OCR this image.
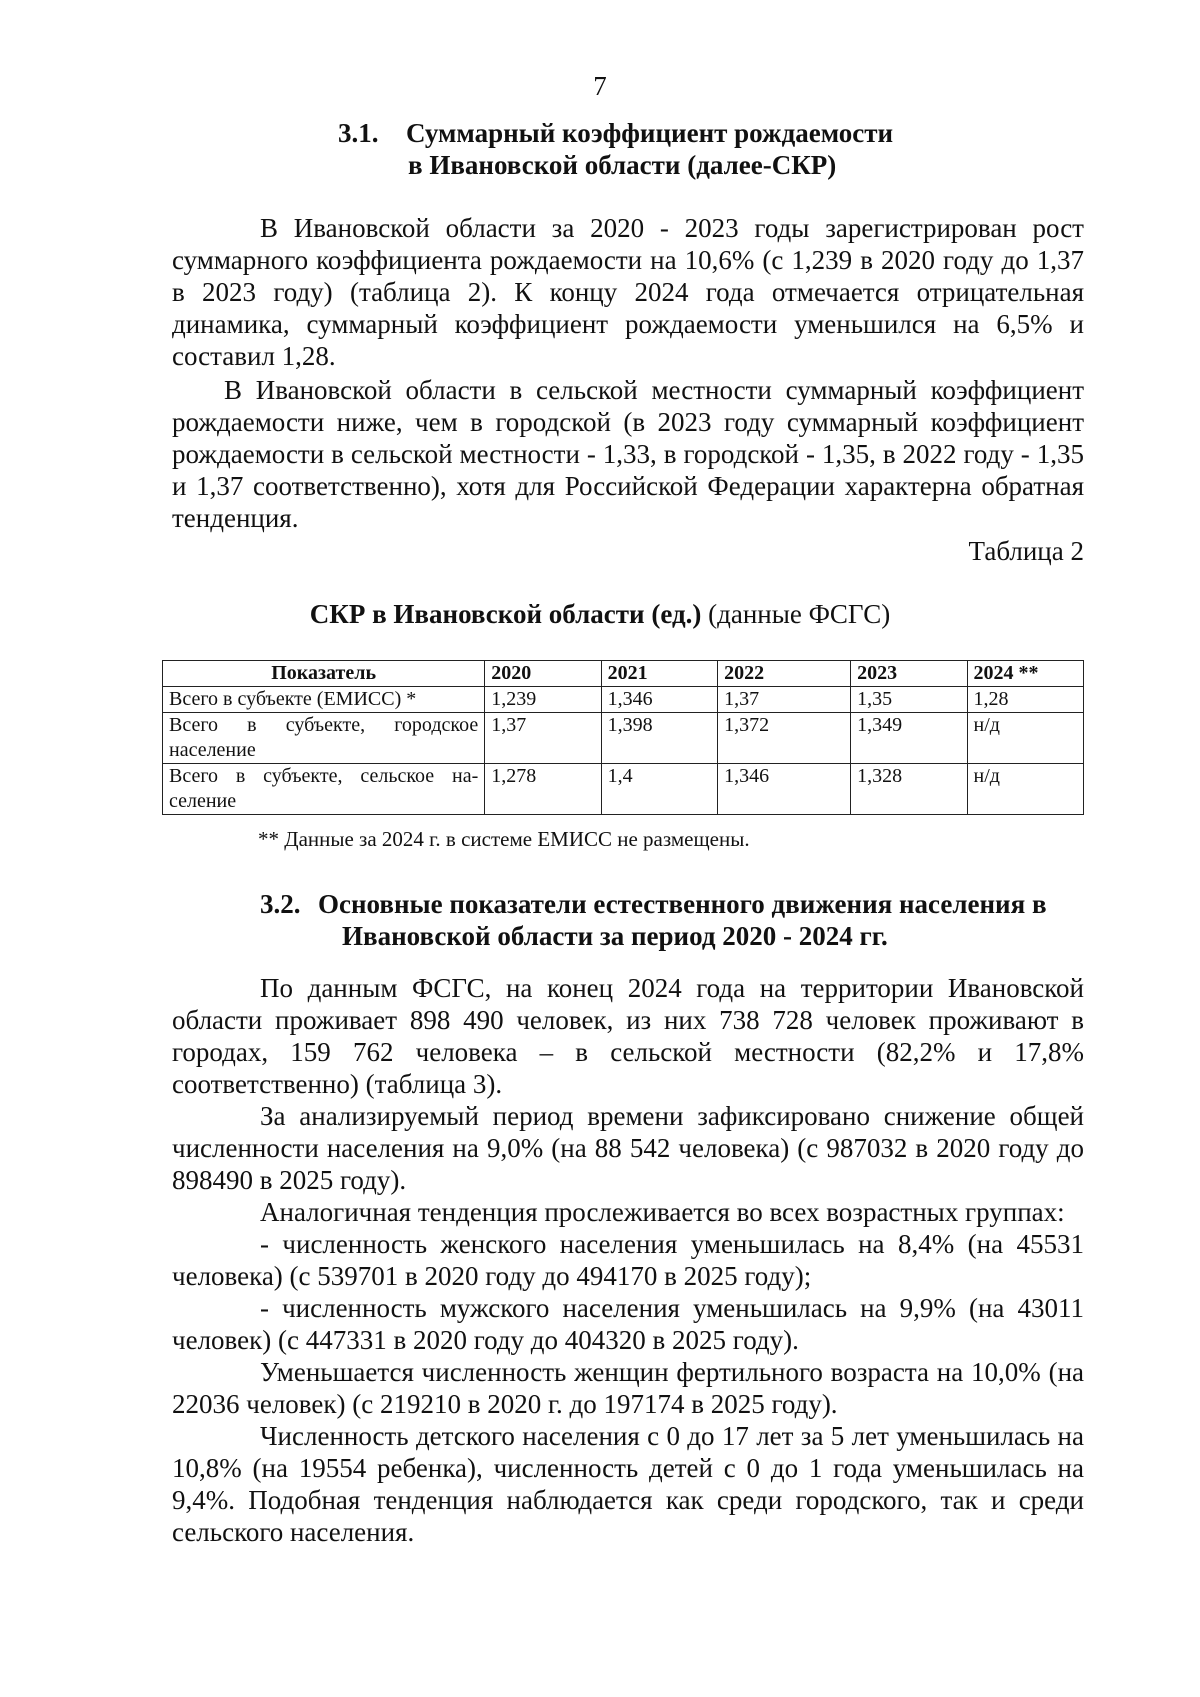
7
3.1. Суммарный коэффициент рождаемости
в Ивановской области (далее-СКР)

В Ивановской области за 2020 - 2023 годы зарегистрирован рост суммарного коэффициента рождаемости на 10,6% (с 1,239 в 2020 году до 1,37 в 2023 году) (таблица 2). К концу 2024 года отмечается отрицательная динамика, суммарный коэффициент рождаемости уменьшился на 6,5% и составил 1,28.

В Ивановской области в сельской местности суммарный коэффициент рождаемости ниже, чем в городской (в 2023 году суммарный коэффициент рождаемости в сельской местности - 1,33, в городской - 1,35, в 2022 году - 1,35 и 1,37 соответственно), хотя для Российской Федерации характерна обратная тенденция.

Таблица 2
СКР в Ивановской области (ед.) (данные ФСГС)
Показатель	2020	2021	2022	2023	2024 **
Всего в субъекте (ЕМИСС) *	1,239	1,346	1,37	1,35	1,28
Всего в субъекте, городское население	1,37	1,398	1,372	1,349	н/д
Всего в субъекте, сельское на-селение	1,278	1,4	1,346	1,328	н/д
** Данные за 2024 г. в системе ЕМИСС не размещены.
3.2. Основные показатели естественного движения населения в
Ивановской области за период 2020 - 2024 гг.

По данным ФСГС, на конец 2024 года на территории Ивановской области проживает 898 490 человек, из них 738 728 человек проживают в городах, 159 762 человека – в сельской местности (82,2% и 17,8% соответственно) (таблица 3).

За анализируемый период времени зафиксировано снижение общей численности населения на 9,0% (на 88 542 человека) (с 987032 в 2020 году до 898490 в 2025 году).

Аналогичная тенденция прослеживается во всех возрастных группах:

- численность женского населения уменьшилась на 8,4% (на 45531 человека) (с 539701 в 2020 году до 494170 в 2025 году);

- численность мужского населения уменьшилась на 9,9% (на 43011 человек) (с 447331 в 2020 году до 404320 в 2025 году).

Уменьшается численность женщин фертильного возраста на 10,0% (на 22036 человек) (с 219210 в 2020 г. до 197174 в 2025 году).

Численность детского населения с 0 до 17 лет за 5 лет уменьшилась на 10,8% (на 19554 ребенка), численность детей с 0 до 1 года уменьшилась на 9,4%. Подобная тенденция наблюдается как среди городского, так и среди сельского населения.
